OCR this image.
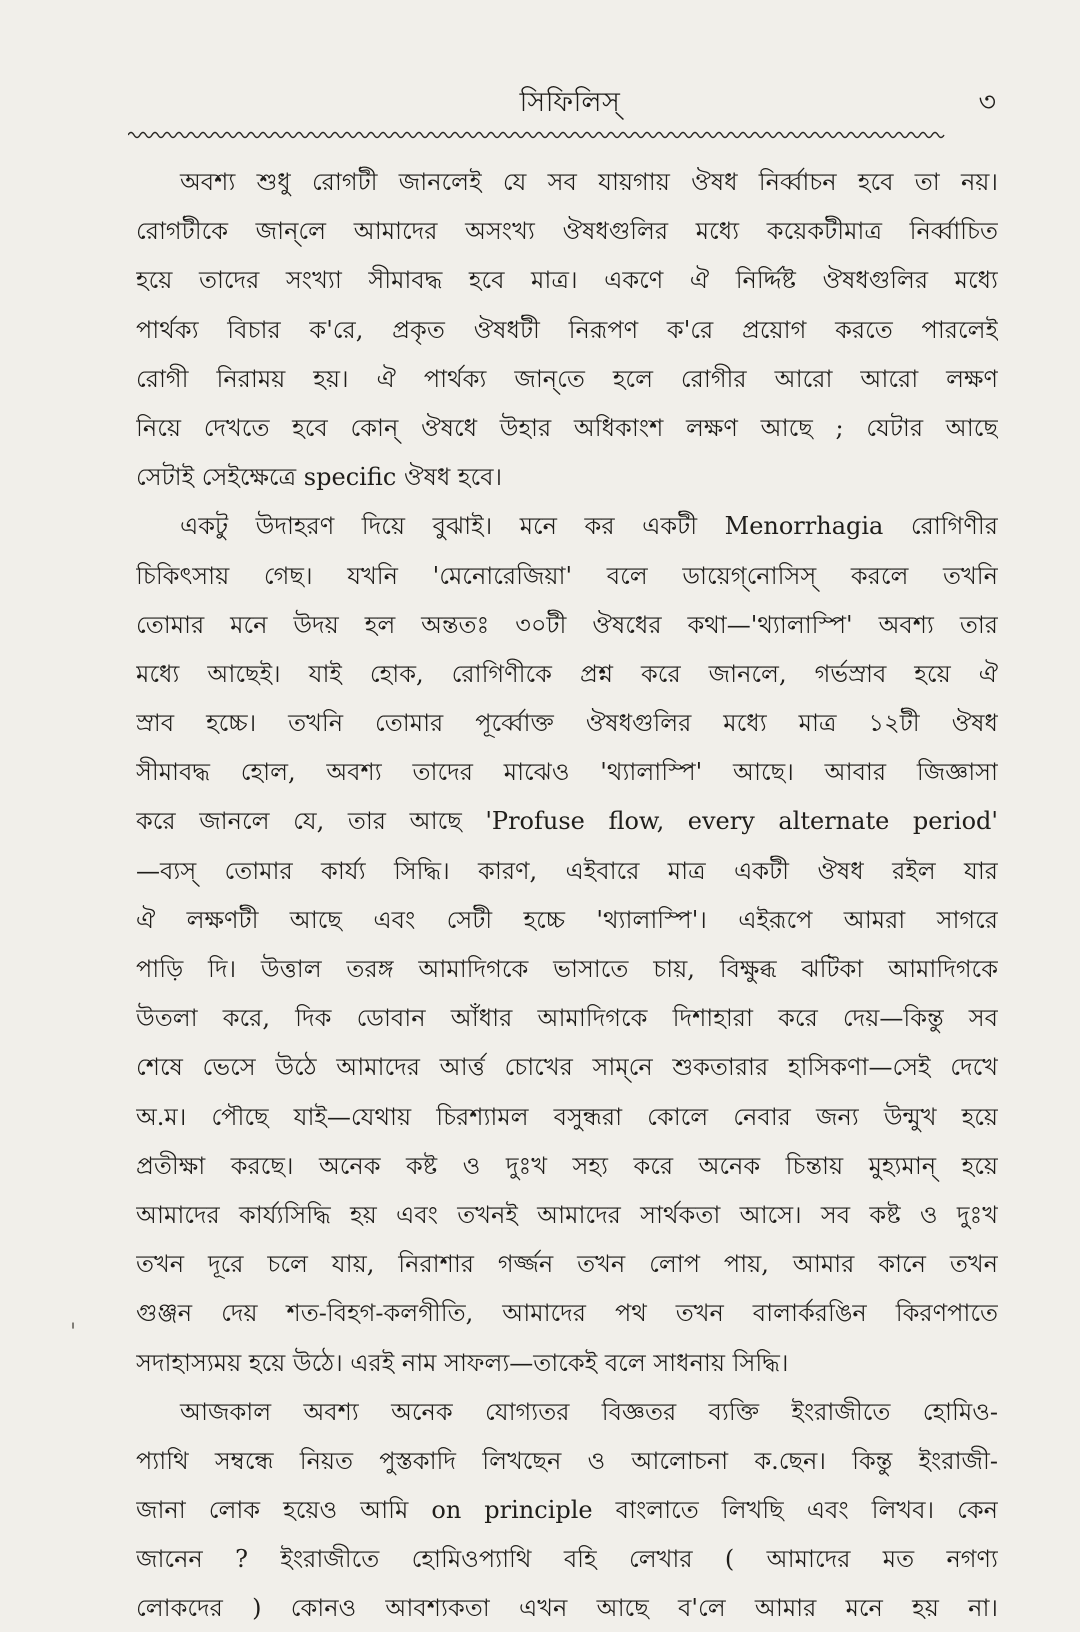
সিফিলিস্	৩
'
অবশ্য শুধু রোগটী জানলেই যে সব যায়গায় ঔষধ নির্ব্বাচন হবে তা নয়।
রোগটীকে জান্‌লে আমাদের অসংখ্য ঔষধগুলির মধ্যে কয়েকটীমাত্র নির্ব্বাচিত
হয়ে তাদের সংখ্যা সীমাবদ্ধ হবে মাত্র। একণে ঐ নির্দ্দিষ্ট ঔষধগুলির মধ্যে
পার্থক্য বিচার ক'রে, প্রকৃত ঔষধটী নিরূপণ ক'রে প্রয়োগ করতে পারলেই
রোগী নিরাময় হয়। ঐ পার্থক্য জান্‌তে হলে রোগীর আরো আরো লক্ষণ
নিয়ে দেখতে হবে কোন্ ঔষধে উহার অধিকাংশ লক্ষণ আছে ; যেটার আছে
সেটাই সেইক্ষেত্রে specific ঔষধ হবে।
একটু উদাহরণ দিয়ে বুঝাই। মনে কর একটী Menorrhagia রোগিণীর
চিকিৎসায় গেছ। যখনি 'মেনোরেজিয়া' বলে ডায়েগ্‌নোসিস্ করলে তখনি
তোমার মনে উদয় হল অন্ততঃ ৩০টী ঔষধের কথা—'থ্যালাস্পি' অবশ্য তার
মধ্যে আছেই। যাই হোক, রোগিণীকে প্রশ্ন করে জানলে, গর্ভস্রাব হয়ে ঐ
স্রাব হচ্চে। তখনি তোমার পূর্ব্বোক্ত ঔষধগুলির মধ্যে মাত্র ১২টী ঔষধ
সীমাবদ্ধ হোল, অবশ্য তাদের মাঝেও 'থ্যালাস্পি' আছে। আবার জিজ্ঞাসা
করে জানলে যে, তার আছে 'Profuse flow, every alternate period'
—ব্যস্ তোমার কার্য্য সিদ্ধি। কারণ, এইবারে মাত্র একটী ঔষধ রইল যার
ঐ লক্ষণটী আছে এবং সেটী হচ্চে 'থ্যালাস্পি'। এইরূপে আমরা সাগরে
পাড়ি দি। উত্তাল তরঙ্গ আমাদিগকে ভাসাতে চায়, বিক্ষুব্ধ ঝটিকা আমাদিগকে
উতলা করে, দিক ডোবান আঁধার আমাদিগকে দিশাহারা করে দেয়—কিন্তু সব
শেষে ভেসে উঠে আমাদের আর্ত্ত চোখের সাম্‌নে শুকতারার হাসিকণা—সেই দেখে
অ.ম। পৌছে যাই—যেথায় চিরশ্যামল বসুন্ধরা কোলে নেবার জন্য উন্মুখ হয়ে
প্রতীক্ষা করছে। অনেক কষ্ট ও দুঃখ সহ্য করে অনেক চিন্তায় মুহ্যমান্ হয়ে
আমাদের কার্য্যসিদ্ধি হয় এবং তখনই আমাদের সার্থকতা আসে। সব কষ্ট ও দুঃখ
তখন দূরে চলে যায়, নিরাশার গর্জ্জন তখন লোপ পায়, আমার কানে তখন
গুঞ্জন দেয় শত-বিহগ-কলগীতি, আমাদের পথ তখন বালার্করঙিন কিরণপাতে
সদাহাস্যময় হয়ে উঠে। এরই নাম সাফল্য—তাকেই বলে সাধনায় সিদ্ধি।
আজকাল অবশ্য অনেক যোগ্যতর বিজ্ঞতর ব্যক্তি ইংরাজীতে হোমিও-
প্যাথি সম্বন্ধে নিয়ত পুস্তকাদি লিখছেন ও আলোচনা ক.ছেন। কিন্তু ইংরাজী-
জানা লোক হয়েও আমি on principle বাংলাতে লিখছি এবং লিখব। কেন
জানেন ? ইংরাজীতে হোমিওপ্যাথি বহি লেখার ( আমাদের মত নগণ্য
লোকদের ) কোনও আবশ্যকতা এখন আছে ব'লে আমার মনে হয় না।
